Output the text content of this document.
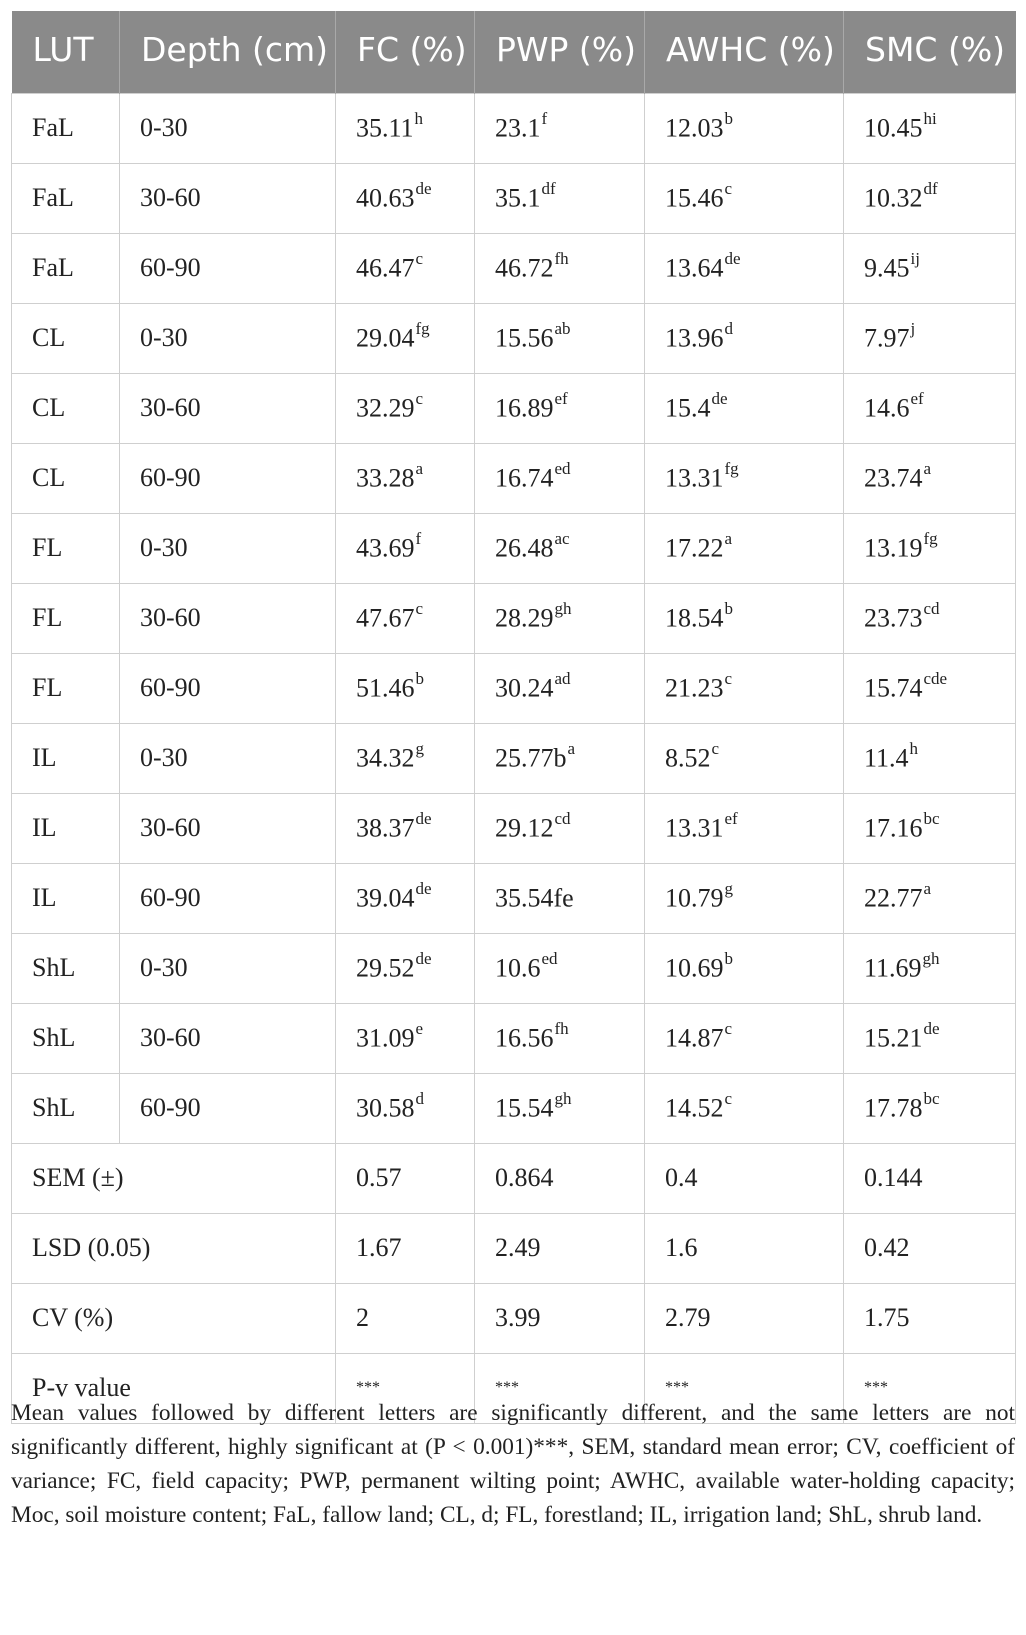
LUT	Depth (cm)	FC (%)	PWP (%)	AWHC (%)	SMC (%)
FaL	0-30	35.11$^h$	23.1$^f$	12.03$^b$	$10.45^{hi}$
FaL	30-60	40.63de	35.1$^{df}$	15.46$^c$	10.32$^{df}$
FaL	60-90	46.47$^c$	46.72$^{fh}$	13.64de	$9.45^{ij}$
CL	0-30	29.04$^{fg}$	15.56$^{ab}$	13.96$^d$	7.97$^j$
CL	30-60	32.29$^c$	16.89$^{ef}$	15.4de	14.6$^{ef}$
CL	60-90	33.28$^a$	16.74$^{ed}$	13.31$^{fg}$	23.74$^a$
FL	0-30	43.69$^f$	26.48$^{ac}$	17.22$^a$	13.19$^{fg}$
FL	30-60	47.67$^c$	28.29$^{gh}$	18.54$^b$	23.73$^{cd}$
FL	60-90	51.46$^b$	30.24$^{ad}$	21.23$^c$	15.74$^{cde}$
IL	0-30	34.32$^g$	$25.77b^a$	8.52$^c$	11.4$^h$
IL	30-60	38.37de	29.12$^{cd}$	13.31$^{ef}$	17.16$^{bc}$
IL	60-90	39.04de	35.54fe	10.79$^g$	22.77$^a$
ShL	0-30	29.52de	10.6$^{ed}$	10.69$^b$	11.69$^{gh}$
ShL	30-60	31.09e	16.56$^{fh}$	14.87$^c$	15.21de
ShL	60-90	30.58$^d$	15.54$^{gh}$	14.52$^c$	17.78$^{bc}$
SEM (±)		0.57	0.864	0.4	0.144
LSD (0.05)		1.67	2.49	1.6	0.42
CV (%)		2	3.99	2.79	1.75
P-v value		***	***	***	***
Mean values followed by different letters are significantly different, and the same letters are not significantly different, highly significant at (P < 0.001)***, SEM, standard mean error; CV, coefficient of variance; FC, field capacity; PWP, permanent wilting point; AWHC, available water-holding capacity; Moc, soil moisture content; FaL, fallow land; CL, d; FL, forestland; IL, irrigation land; ShL, shrub land.
